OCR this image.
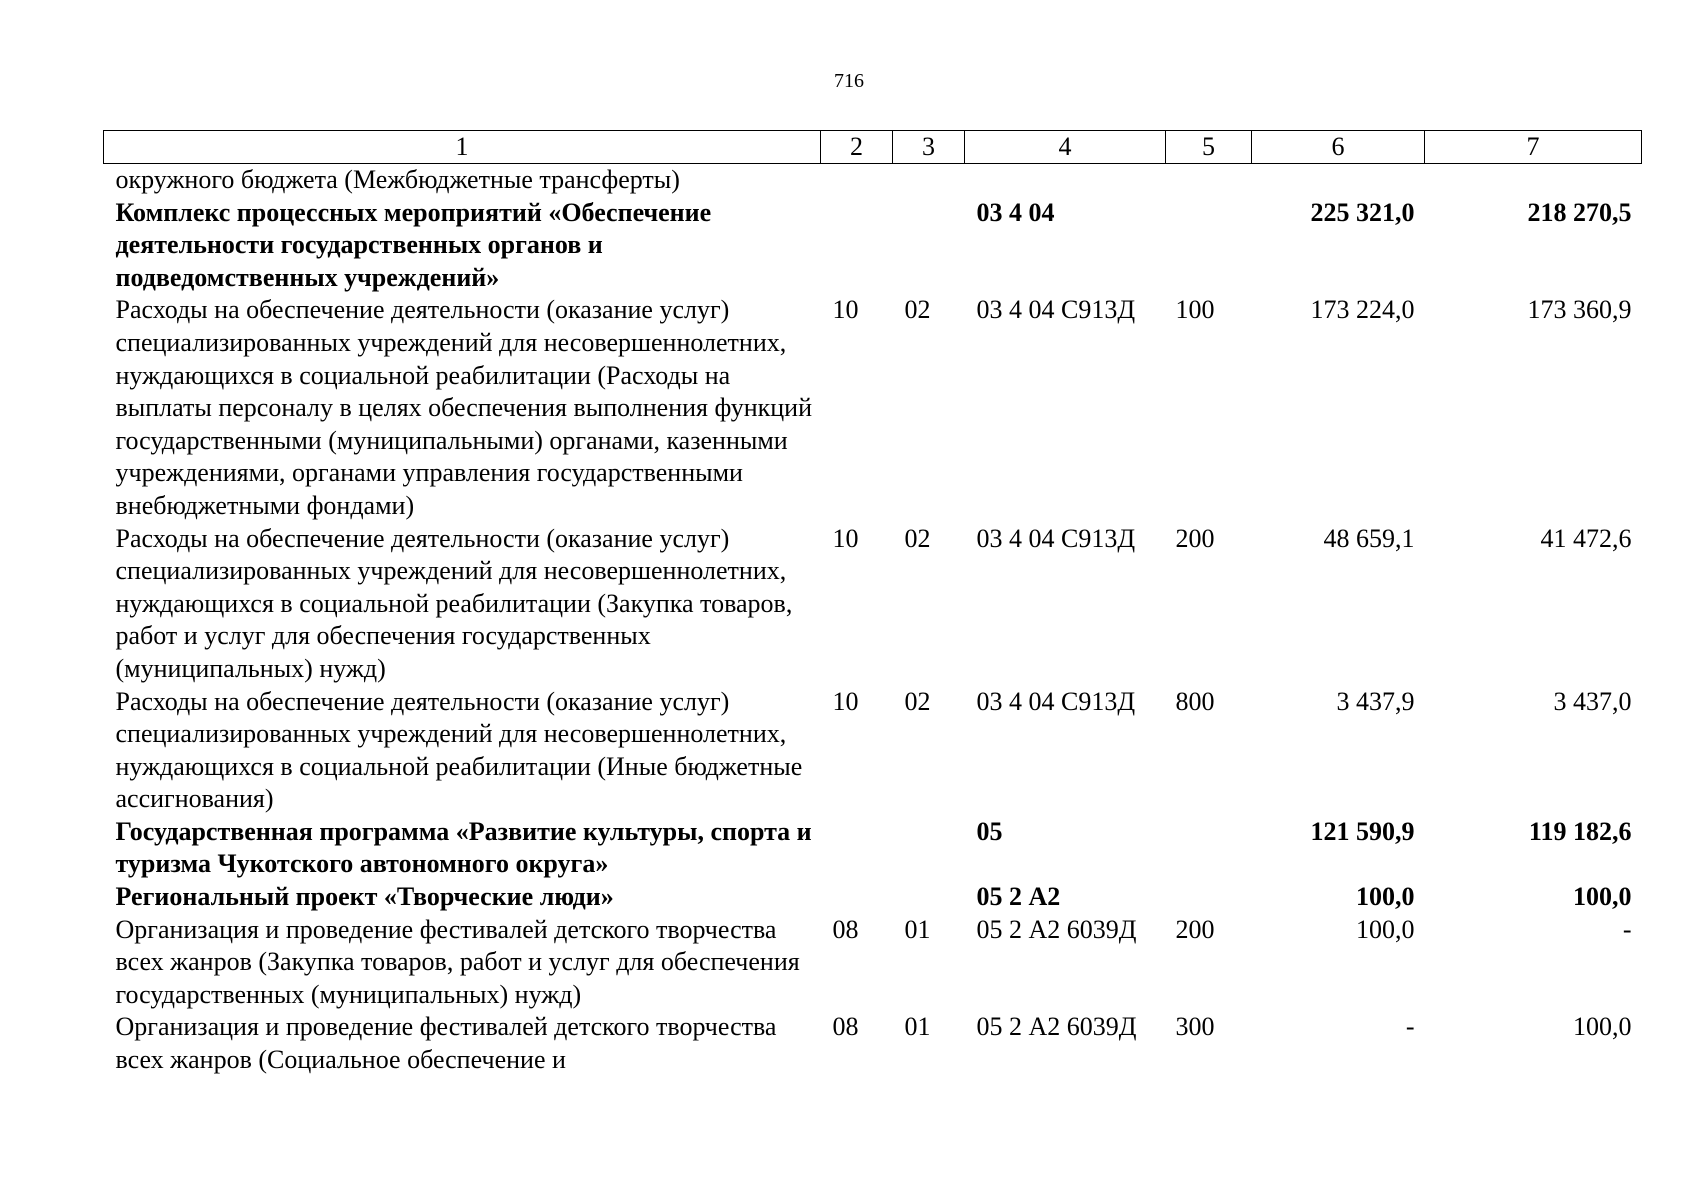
716
1	2	3	4	5	6	7
окружного бюджета (Межбюджетные трансферты)						
Комплекс процессных мероприятий «Обеспечение деятельности государственных органов и подведомственных учреждений»			03 4 04		225 321,0	218 270,5
Расходы на обеспечение деятельности (оказание услуг) специализированных учреждений для несовершеннолетних, нуждающихся в социальной реабилитации (Расходы на выплаты персоналу в целях обеспечения выполнения функций государственными (муниципальными) органами, казенными учреждениями, органами управления государственными внебюджетными фондами)	10	02	03 4 04 С913Д	100	173 224,0	173 360,9
Расходы на обеспечение деятельности (оказание услуг) специализированных учреждений для несовершеннолетних, нуждающихся в социальной реабилитации (Закупка товаров, работ и услуг для обеспечения государственных (муниципальных) нужд)	10	02	03 4 04 С913Д	200	48 659,1	41 472,6
Расходы на обеспечение деятельности (оказание услуг) специализированных учреждений для несовершеннолетних, нуждающихся в социальной реабилитации (Иные бюджетные ассигнования)	10	02	03 4 04 С913Д	800	3 437,9	3 437,0
Государственная программа «Развитие культуры, спорта и туризма Чукотского автономного округа»			05		121 590,9	119 182,6
Региональный проект «Творческие люди»			05 2 А2		100,0	100,0
Организация и проведение фестивалей детского творчества всех жанров (Закупка товаров, работ и услуг для обеспечения государственных (муниципальных) нужд)	08	01	05 2 А2 6039Д	200	100,0	-
Организация и проведение фестивалей детского творчества всех жанров (Социальное обеспечение и	08	01	05 2 А2 6039Д	300	-	100,0
